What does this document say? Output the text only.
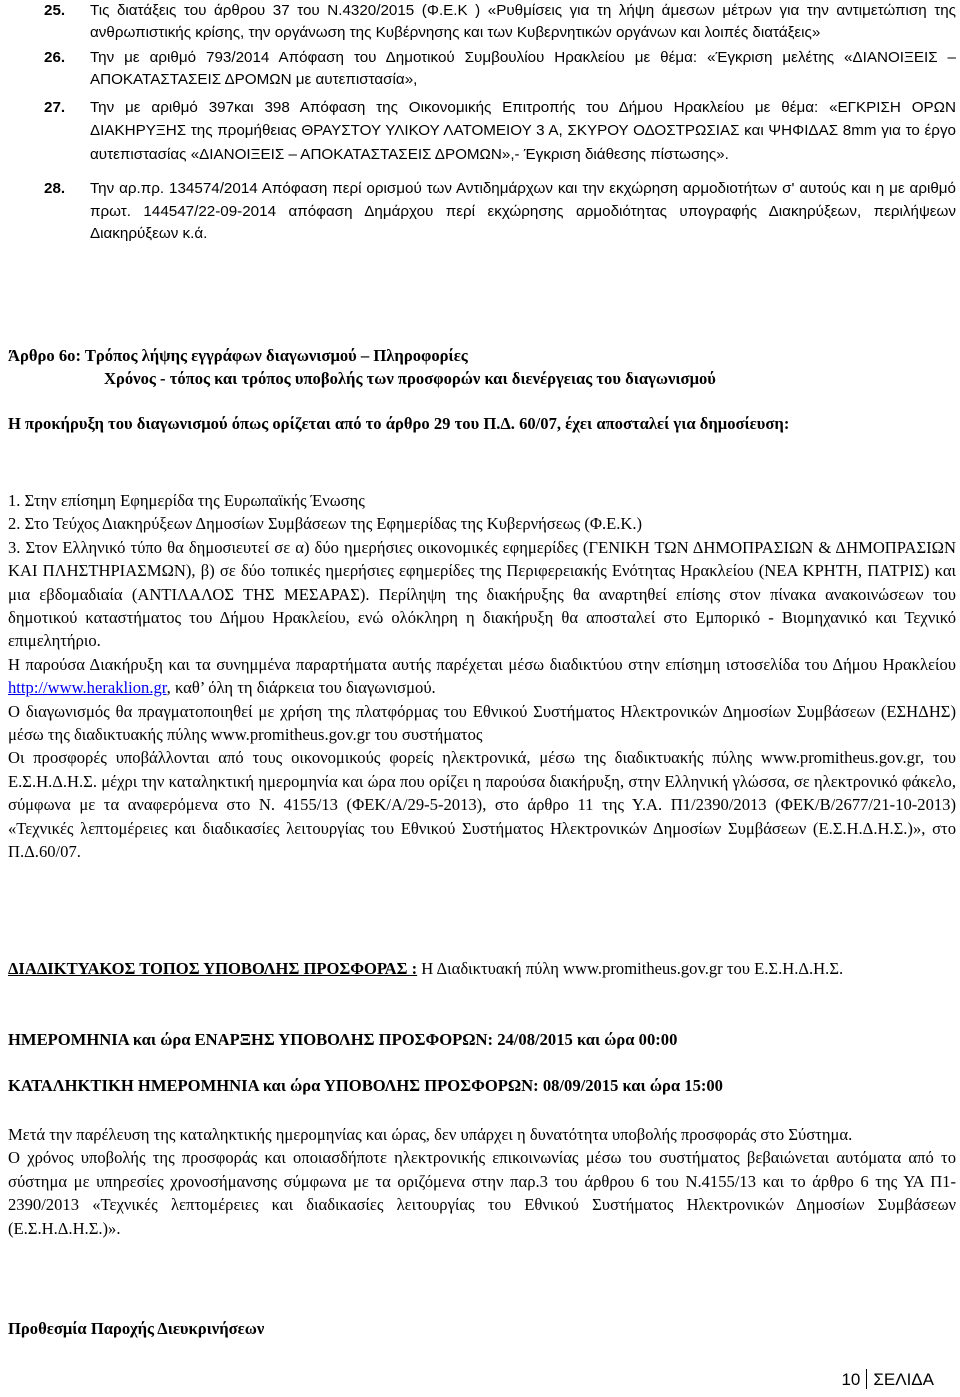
25. Τις διατάξεις του άρθρου 37 του Ν.4320/2015 (Φ.Ε.Κ ) «Ρυθμίσεις για τη λήψη άμεσων μέτρων για την αντιμετώπιση της ανθρωπιστικής κρίσης, την οργάνωση της Κυβέρνησης και των Κυβερνητικών οργάνων και λοιπές διατάξεις»
26. Την με αριθμό 793/2014 Απόφαση του Δημοτικού Συμβουλίου Ηρακλείου με θέμα: «Έγκριση μελέτης «ΔΙΑΝΟΙΞΕΙΣ – ΑΠΟΚΑΤΑΣΤΑΣΕΙΣ ΔΡΟΜΩΝ με αυτεπιστασία»,
27. Την με αριθμό 397και 398 Απόφαση της Οικονομικής Επιτροπής του Δήμου Ηρακλείου με θέμα: «ΕΓΚΡΙΣΗ ΟΡΩΝ ΔΙΑΚΗΡΥΞΗΣ της προμήθειας ΘΡΑΥΣΤΟΥ ΥΛΙΚΟΥ ΛΑΤΟΜΕΙΟΥ 3 Α, ΣΚΥΡΟΥ ΟΔΟΣΤΡΩΣΙΑΣ και ΨΗΦΙΔΑΣ 8mm για το έργο αυτεπιστασίας «ΔΙΑΝΟΙΞΕΙΣ – ΑΠΟΚΑΤΑΣΤΑΣΕΙΣ ΔΡΟΜΩΝ»,- Έγκριση διάθεσης πίστωσης».
28. Την αρ.πρ. 134574/2014 Απόφαση περί ορισμού των Αντιδημάρχων και την εκχώρηση αρμοδιοτήτων σ' αυτούς και η με αριθμό πρωτ. 144547/22-09-2014 απόφαση Δημάρχου περί εκχώρησης αρμοδιότητας υπογραφής Διακηρύξεων, περιλήψεων Διακηρύξεων κ.ά.
Άρθρο 6ο: Τρόπος λήψης εγγράφων διαγωνισμού – Πληροφορίες
Χρόνος - τόπος και τρόπος υποβολής των προσφορών και διενέργειας του διαγωνισμού

Η προκήρυξη του διαγωνισμού όπως ορίζεται από το άρθρο 29 του Π.Δ. 60/07, έχει αποσταλεί για δημοσίευση:

1. Στην επίσημη Εφημερίδα της Ευρωπαϊκής Ένωσης

2. Στο Τεύχος Διακηρύξεων Δημοσίων Συμβάσεων της Εφημερίδας της Κυβερνήσεως (Φ.Ε.Κ.)

3. Στον Ελληνικό τύπο θα δημοσιευτεί σε α) δύο ημερήσιες οικονομικές εφημερίδες (ΓΕΝΙΚΗ ΤΩΝ ΔΗΜΟΠΡΑΣΙΩΝ & ΔΗΜΟΠΡΑΣΙΩΝ ΚΑΙ ΠΛΗΣΤΗΡΙΑΣΜΩΝ), β) σε δύο τοπικές ημερήσιες εφημερίδες της Περιφερειακής Ενότητας Ηρακλείου (ΝΕΑ ΚΡΗΤΗ, ΠΑΤΡΙΣ) και μια εβδομαδιαία (ΑΝΤΙΛΑΛΟΣ ΤΗΣ ΜΕΣΑΡΑΣ). Περίληψη της διακήρυξης θα αναρτηθεί επίσης στον πίνακα ανακοινώσεων του δημοτικού καταστήματος του Δήμου Ηρακλείου, ενώ ολόκληρη η διακήρυξη θα αποσταλεί στο Εμπορικό - Βιομηχανικό και Τεχνικό επιμελητήριο.

Η παρούσα Διακήρυξη και τα συνημμένα παραρτήματα αυτής παρέχεται μέσω διαδικτύου στην επίσημη ιστοσελίδα του Δήμου Ηρακλείου http://www.heraklion.gr, καθ’ όλη τη διάρκεια του διαγωνισμού.

Ο διαγωνισμός θα πραγματοποιηθεί με χρήση της πλατφόρμας του Εθνικού Συστήματος Ηλεκτρονικών Δημοσίων Συμβάσεων (ΕΣΗΔΗΣ) μέσω της διαδικτυακής πύλης www.promitheus.gov.gr του συστήματος

Οι προσφορές υποβάλλονται από τους οικονομικούς φορείς ηλεκτρονικά, μέσω της διαδικτυακής πύλης www.promitheus.gov.gr, του Ε.Σ.Η.Δ.Η.Σ. μέχρι την καταληκτική ημερομηνία και ώρα που ορίζει η παρούσα διακήρυξη, στην Ελληνική γλώσσα, σε ηλεκτρονικό φάκελο, σύμφωνα με τα αναφερόμενα στο Ν. 4155/13 (ΦΕΚ/Α/29-5-2013), στο άρθρο 11 της Υ.Α. Π1/2390/2013 (ΦΕΚ/Β/2677/21-10-2013) «Τεχνικές λεπτομέρειες και διαδικασίες λειτουργίας του Εθνικού Συστήματος Ηλεκτρονικών Δημοσίων Συμβάσεων (Ε.Σ.Η.Δ.Η.Σ.)», στο Π.Δ.60/07.

ΔΙΑΔΙΚΤΥΑΚΟΣ ΤΟΠΟΣ ΥΠΟΒΟΛΗΣ ΠΡΟΣΦΟΡΑΣ : Η Διαδικτυακή πύλη www.promitheus.gov.gr του Ε.Σ.Η.Δ.Η.Σ.

ΗΜΕΡΟΜΗΝΙΑ και ώρα ΕΝΑΡΞΗΣ ΥΠΟΒΟΛΗΣ ΠΡΟΣΦΟΡΩΝ: 24/08/2015 και ώρα 00:00

ΚΑΤΑΛΗΚΤΙΚΗ ΗΜΕΡΟΜΗΝΙΑ και ώρα ΥΠΟΒΟΛΗΣ ΠΡΟΣΦΟΡΩΝ: 08/09/2015 και ώρα 15:00

Μετά την παρέλευση της καταληκτικής ημερομηνίας και ώρας, δεν υπάρχει η δυνατότητα υποβολής προσφοράς στο Σύστημα.

Ο χρόνος υποβολής της προσφοράς και οποιασδήποτε ηλεκτρονικής επικοινωνίας μέσω του συστήματος βεβαιώνεται αυτόματα από το σύστημα με υπηρεσίες χρονοσήμανσης σύμφωνα με τα οριζόμενα στην παρ.3 του άρθρου 6 του Ν.4155/13 και το άρθρο 6 της ΥΑ Π1-2390/2013 «Τεχνικές λεπτομέρειες και διαδικασίες λειτουργίας του Εθνικού Συστήματος Ηλεκτρονικών Δημοσίων Συμβάσεων (Ε.Σ.Η.Δ.Η.Σ.)».

Προθεσμία Παροχής Διευκρινήσεων

10 ΣΕΛΙΔΑ
